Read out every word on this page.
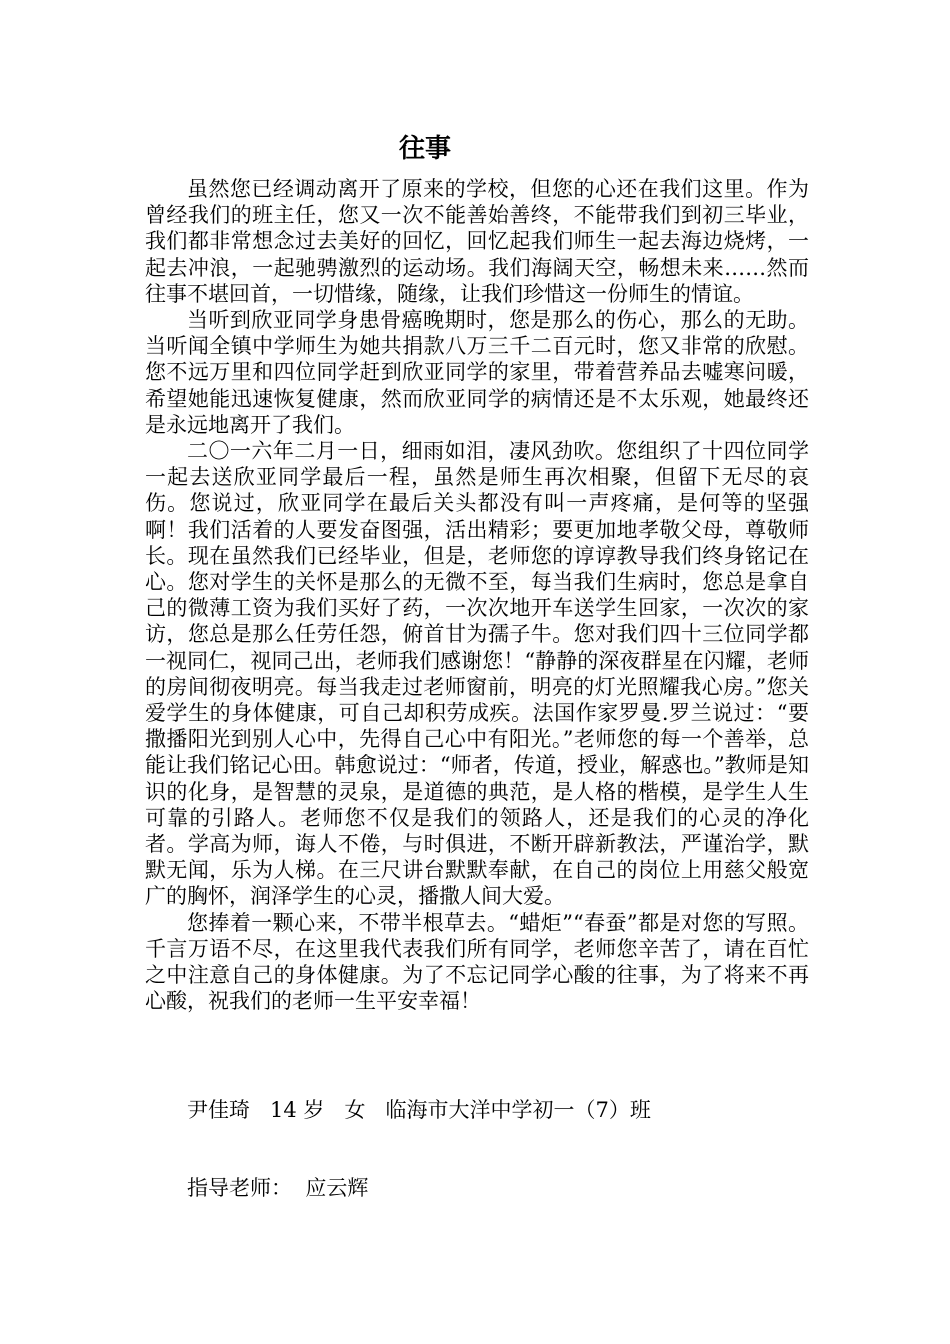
往事

虽然您已经调动离开了原来的学校，但您的心还在我们这里。作为曾经我们的班主任，您又一次不能善始善终，不能带我们到初三毕业，我们都非常想念过去美好的回忆，回忆起我们师生一起去海边烧烤，一起去冲浪，一起驰骋激烈的运动场。我们海阔天空，畅想未来……然而往事不堪回首，一切惜缘，随缘，让我们珍惜这一份师生的情谊。

当听到欣亚同学身患骨癌晚期时，您是那么的伤心，那么的无助。当听闻全镇中学师生为她共捐款八万三千二百元时，您又非常的欣慰。您不远万里和四位同学赶到欣亚同学的家里，带着营养品去嘘寒问暖，希望她能迅速恢复健康，然而欣亚同学的病情还是不太乐观，她最终还是永远地离开了我们。

二〇一六年二月一日，细雨如泪，凄风劲吹。您组织了十四位同学一起去送欣亚同学最后一程，虽然是师生再次相聚，但留下无尽的哀伤。您说过，欣亚同学在最后关头都没有叫一声疼痛，是何等的坚强啊！我们活着的人要发奋图强，活出精彩；要更加地孝敬父母，尊敬师长。现在虽然我们已经毕业，但是，老师您的谆谆教导我们终身铭记在心。您对学生的关怀是那么的无微不至，每当我们生病时，您总是拿自己的微薄工资为我们买好了药，一次次地开车送学生回家，一次次的家访，您总是那么任劳任怨，俯首甘为孺子牛。您对我们四十三位同学都一视同仁，视同己出，老师我们感谢您！“静静的深夜群星在闪耀，老师的房间彻夜明亮。每当我走过老师窗前，明亮的灯光照耀我心房。”您关爱学生的身体健康，可自己却积劳成疾。法国作家罗曼.罗兰说过：“要撒播阳光到别人心中，先得自己心中有阳光。”老师您的每一个善举，总能让我们铭记心田。韩愈说过：“师者，传道，授业，解惑也。”教师是知识的化身，是智慧的灵泉，是道德的典范，是人格的楷模，是学生人生可靠的引路人。老师您不仅是我们的领路人，还是我们的心灵的净化者。学高为师，诲人不倦，与时俱进，不断开辟新教法，严谨治学，默默无闻，乐为人梯。在三尺讲台默默奉献，在自己的岗位上用慈父般宽广的胸怀，润泽学生的心灵，播撒人间大爱。

您捧着一颗心来，不带半根草去。“蜡炬”“春蚕”都是对您的写照。千言万语不尽，在这里我代表我们所有同学，老师您辛苦了，请在百忙之中注意自己的身体健康。为了不忘记同学心酸的往事，为了将来不再心酸，祝我们的老师一生平安幸福！

尹佳琦   14 岁   女   临海市大洋中学初一（7）班

指导老师：  应云辉
